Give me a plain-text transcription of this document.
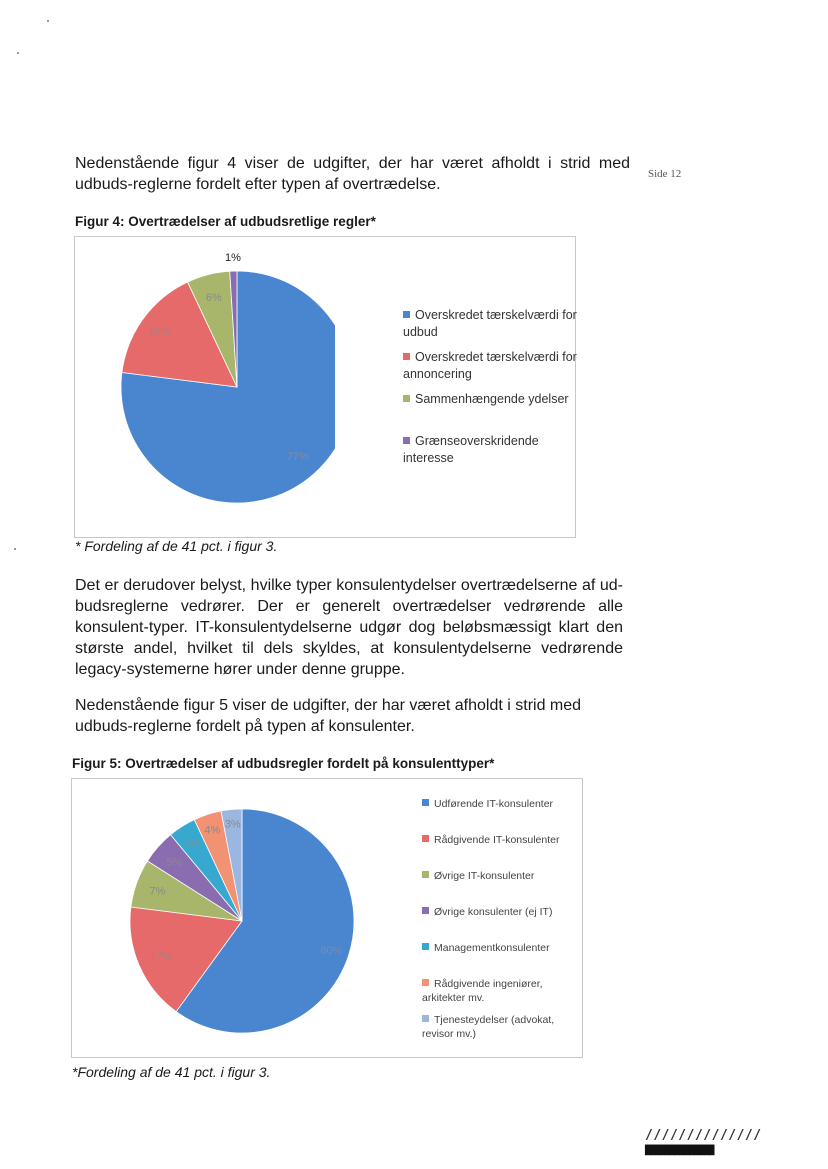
Side 12
Nedenstående figur 4 viser de udgifter, der har været afholdt i strid med udbuds-reglerne fordelt efter typen af overtrædelse.
Figur 4: Overtrædelser af udbudsretlige regler*
77%
16%
6%
1%
Overskredet tærskelværdi for udbud
Overskredet tærskelværdi for annoncering
Sammenhængende ydelser
Grænseoverskridende interesse
* Fordeling af de 41 pct. i figur 3.
Det er derudover belyst, hvilke typer konsulentydelser overtrædelserne af ud-budsreglerne vedrører. Der er generelt overtrædelser vedrørende alle konsulent-typer. IT-konsulentydelserne udgør dog beløbsmæssigt klart den største andel, hvilket til dels skyldes, at konsulentydelserne vedrørende legacy-systemerne hører under denne gruppe.
Nedenstående figur 5 viser de udgifter, der har været afholdt i strid med udbuds-reglerne fordelt på typen af konsulenter.
Figur 5: Overtrædelser af udbudsregler fordelt på konsulenttyper*
60%
17%
7%
5%
4%
4%
3%
Udførende IT-konsulenter
Rådgivende IT-konsulenter
Øvrige IT-konsulenter
Øvrige konsulenter (ej IT)
Managementkonsulenter
Rådgivende ingeniører, arkitekter mv.
Tjenesteydelser (advokat, revisor mv.)
*Fordeling af de 41 pct. i figur 3.
//////////////
██████████████
